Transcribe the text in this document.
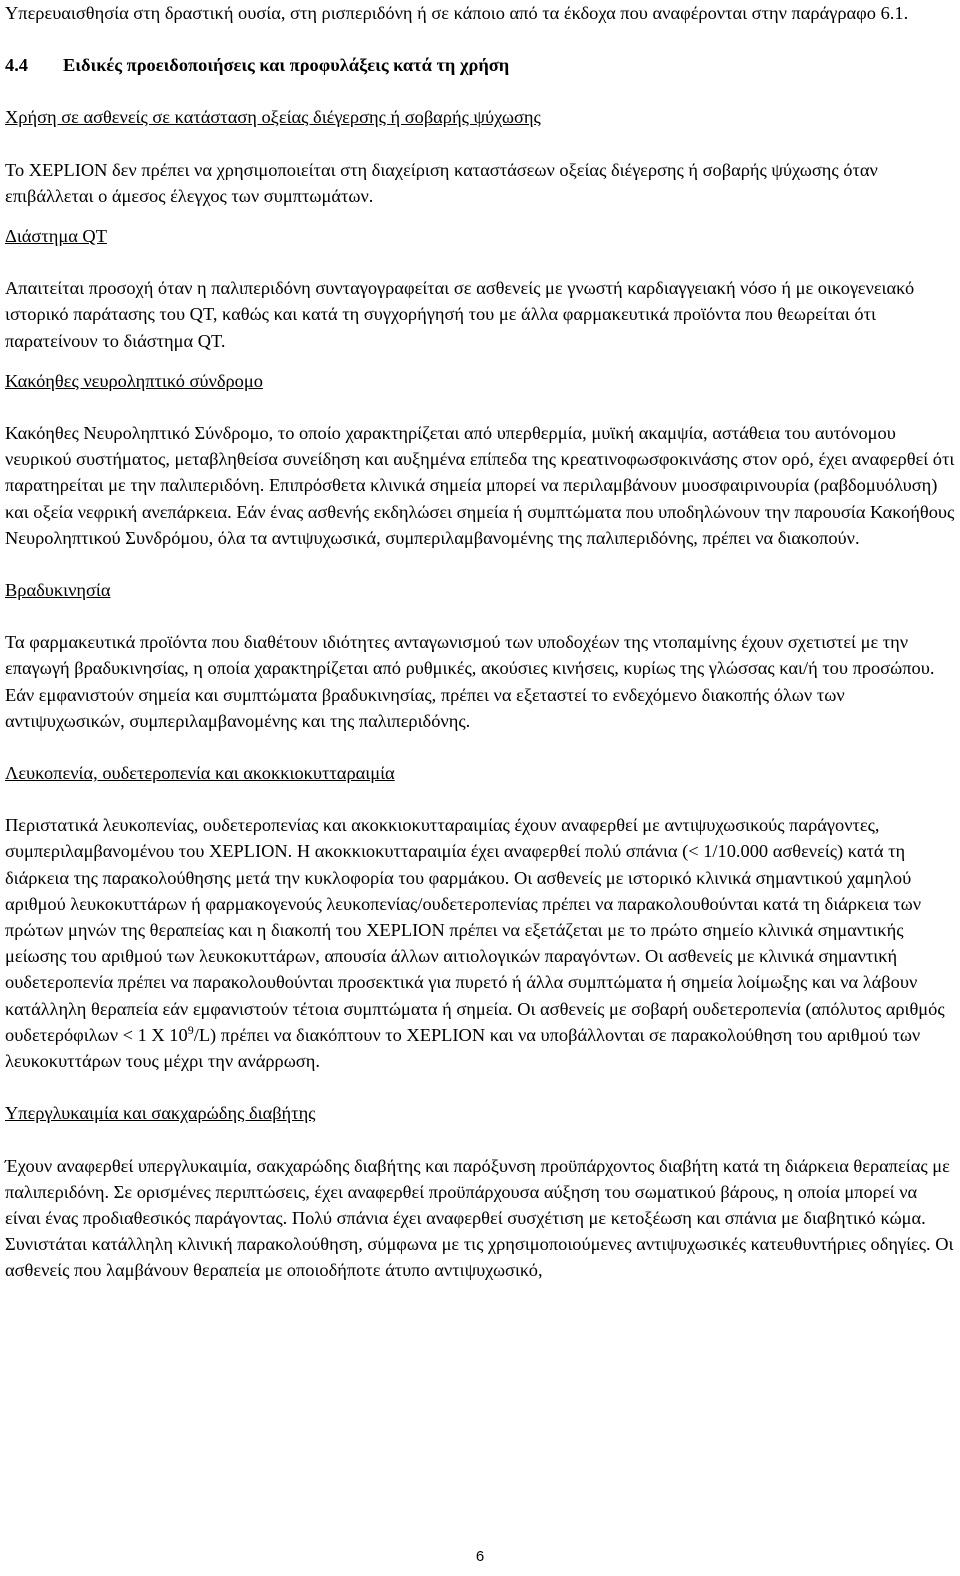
Υπερευαισθησία στη δραστική ουσία, στη ρισπεριδόνη ή σε κάποιο από τα έκδοχα που αναφέρονται στην παράγραφο 6.1.

4.4 Ειδικές προειδοποιήσεις και προφυλάξεις κατά τη χρήση

Χρήση σε ασθενείς σε κατάσταση οξείας διέγερσης ή σοβαρής ψύχωσης

Το XEPLION δεν πρέπει να χρησιμοποιείται στη διαχείριση καταστάσεων οξείας διέγερσης ή σοβαρής ψύχωσης όταν επιβάλλεται ο άμεσος έλεγχος των συμπτωμάτων.

Διάστημα QT

Απαιτείται προσοχή όταν η παλιπεριδόνη συνταγογραφείται σε ασθενείς με γνωστή καρδιαγγειακή νόσο ή με οικογενειακό ιστορικό παράτασης του QT, καθώς και κατά τη συγχορήγησή του με άλλα φαρμακευτικά προϊόντα που θεωρείται ότι παρατείνουν το διάστημα QT.

Κακόηθες νευροληπτικό σύνδρομο

Κακόηθες Νευροληπτικό Σύνδρομο, το οποίο χαρακτηρίζεται από υπερθερμία, μυϊκή ακαμψία, αστάθεια του αυτόνομου νευρικού συστήματος, μεταβληθείσα συνείδηση και αυξημένα επίπεδα της κρεατινοφωσφοκινάσης στον ορό, έχει αναφερθεί ότι παρατηρείται με την παλιπεριδόνη. Επιπρόσθετα κλινικά σημεία μπορεί να περιλαμβάνουν μυοσφαιρινουρία (ραβδομυόλυση) και οξεία νεφρική ανεπάρκεια. Εάν ένας ασθενής εκδηλώσει σημεία ή συμπτώματα που υποδηλώνουν την παρουσία Κακοήθους Νευροληπτικού Συνδρόμου, όλα τα αντιψυχωσικά, συμπεριλαμβανομένης της παλιπεριδόνης, πρέπει να διακοπούν.

Βραδυκινησία

Τα φαρμακευτικά προϊόντα που διαθέτουν ιδιότητες ανταγωνισμού των υποδοχέων της ντοπαμίνης έχουν σχετιστεί με την επαγωγή βραδυκινησίας, η οποία χαρακτηρίζεται από ρυθμικές, ακούσιες κινήσεις, κυρίως της γλώσσας και/ή του προσώπου. Εάν εμφανιστούν σημεία και συμπτώματα βραδυκινησίας, πρέπει να εξεταστεί το ενδεχόμενο διακοπής όλων των αντιψυχωσικών, συμπεριλαμβανομένης και της παλιπεριδόνης.

Λευκοπενία, ουδετεροπενία και ακοκκιοκυτταραιμία

Περιστατικά λευκοπενίας, ουδετεροπενίας και ακοκκιοκυτταραιμίας έχουν αναφερθεί με αντιψυχωσικούς παράγοντες, συμπεριλαμβανομένου του XEPLION. Η ακοκκιοκυτταραιμία έχει αναφερθεί πολύ σπάνια (< 1/10.000 ασθενείς) κατά τη διάρκεια της παρακολούθησης μετά την κυκλοφορία του φαρμάκου. Οι ασθενείς με ιστορικό κλινικά σημαντικού χαμηλού αριθμού λευκοκυττάρων ή φαρμακογενούς λευκοπενίας/ουδετεροπενίας πρέπει να παρακολουθούνται κατά τη διάρκεια των πρώτων μηνών της θεραπείας και η διακοπή του XEPLION πρέπει να εξετάζεται με το πρώτο σημείο κλινικά σημαντικής μείωσης του αριθμού των λευκοκυττάρων, απουσία άλλων αιτιολογικών παραγόντων. Οι ασθενείς με κλινικά σημαντική ουδετεροπενία πρέπει να παρακολουθούνται προσεκτικά για πυρετό ή άλλα συμπτώματα ή σημεία λοίμωξης και να λάβουν κατάλληλη θεραπεία εάν εμφανιστούν τέτοια συμπτώματα ή σημεία. Οι ασθενείς με σοβαρή ουδετεροπενία (απόλυτος αριθμός ουδετερόφιλων < 1 X $10^9/L$) πρέπει να διακόπτουν το XEPLION και να υποβάλλονται σε παρακολούθηση του αριθμού των λευκοκυττάρων τους μέχρι την ανάρρωση.

Υπεργλυκαιμία και σακχαρώδης διαβήτης

Έχουν αναφερθεί υπεργλυκαιμία, σακχαρώδης διαβήτης και παρόξυνση προϋπάρχοντος διαβήτη κατά τη διάρκεια θεραπείας με παλιπεριδόνη. Σε ορισμένες περιπτώσεις, έχει αναφερθεί προϋπάρχουσα αύξηση του σωματικού βάρους, η οποία μπορεί να είναι ένας προδιαθεσικός παράγοντας. Πολύ σπάνια έχει αναφερθεί συσχέτιση με κετοξέωση και σπάνια με διαβητικό κώμα. Συνιστάται κατάλληλη κλινική παρακολούθηση, σύμφωνα με τις χρησιμοποιούμενες αντιψυχωσικές κατευθυντήριες οδηγίες. Οι ασθενείς που λαμβάνουν θεραπεία με οποιοδήποτε άτυπο αντιψυχωσικό,

6
